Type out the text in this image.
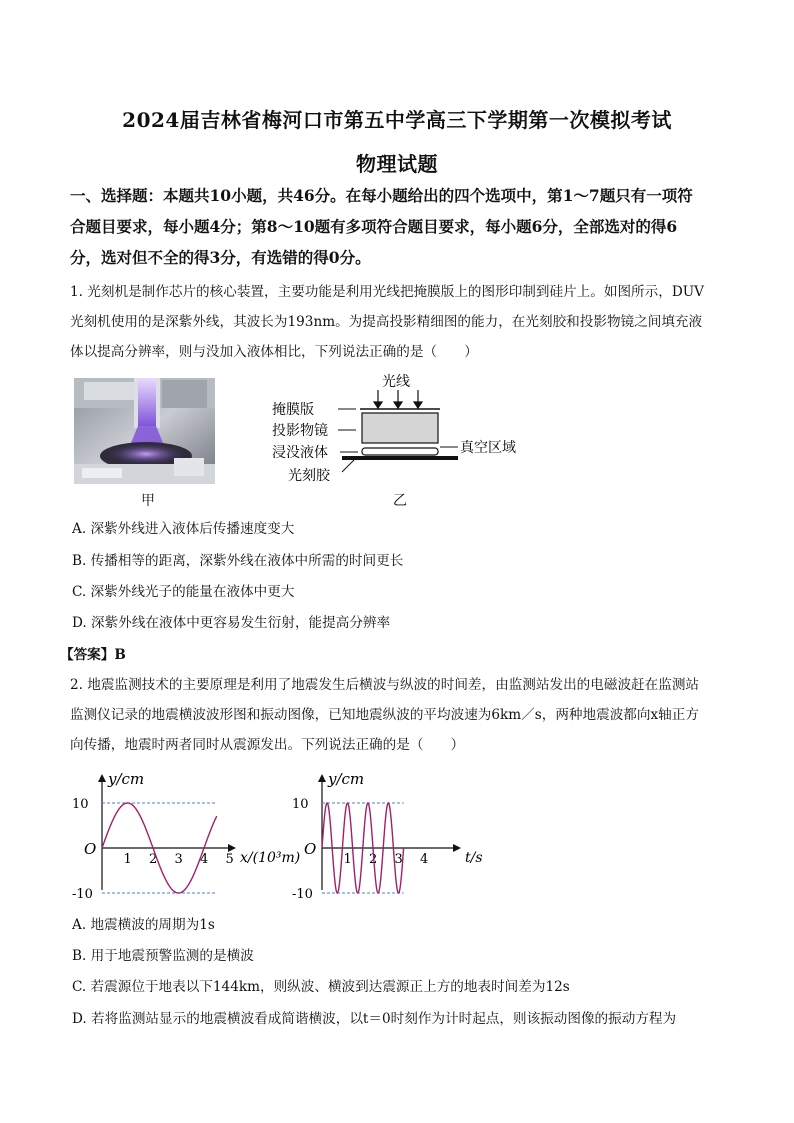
2024届吉林省梅河口市第五中学高三下学期第一次模拟考试
物理试题
一、选择题：本题共10小题，共46分。在每小题给出的四个选项中，第1～7题只有一项符
合题目要求，每小题4分；第8～10题有多项符合题目要求，每小题6分，全部选对的得6
分，选对但不全的得3分，有选错的得0分。
1. 光刻机是制作芯片的核心装置，主要功能是利用光线把掩膜版上的图形印制到硅片上。如图所示，DUV
光刻机使用的是深紫外线，其波长为193nm。为提高投影精细图的能力，在光刻胶和投影物镜之间填充液
体以提高分辨率，则与没加入液体相比，下列说法正确的是（　　）
甲
光线
掩膜版
投影物镜
浸没液体	真空区域
光刻胶
乙
A. 深紫外线进入液体后传播速度变大
B. 传播相等的距离，深紫外线在液体中所需的时间更长
C. 深紫外线光子的能量在液体中更大
D. 深紫外线在液体中更容易发生衍射，能提高分辨率
【答案】B
2. 地震监测技术的主要原理是利用了地震发生后横波与纵波的时间差，由监测站发出的电磁波赶在监测站
监测仪记录的地震横波波形图和振动图像，已知地震纵波的平均波速为6km／s，两种地震波都向x轴正方
向传播，地震时两者同时从震源发出。下列说法正确的是（　　）
y/cm
10
-10
O
1 2 3 4 5 x/(10³m)
y/cm
10
-10
O
1 2 3 4	t/s
A. 地震横波的周期为1s
B. 用于地震预警监测的是横波
C. 若震源位于地表以下144km，则纵波、横波到达震源正上方的地表时间差为12s
D. 若将监测站显示的地震横波看成简谐横波，以t＝0时刻作为计时起点，则该振动图像的振动方程为
